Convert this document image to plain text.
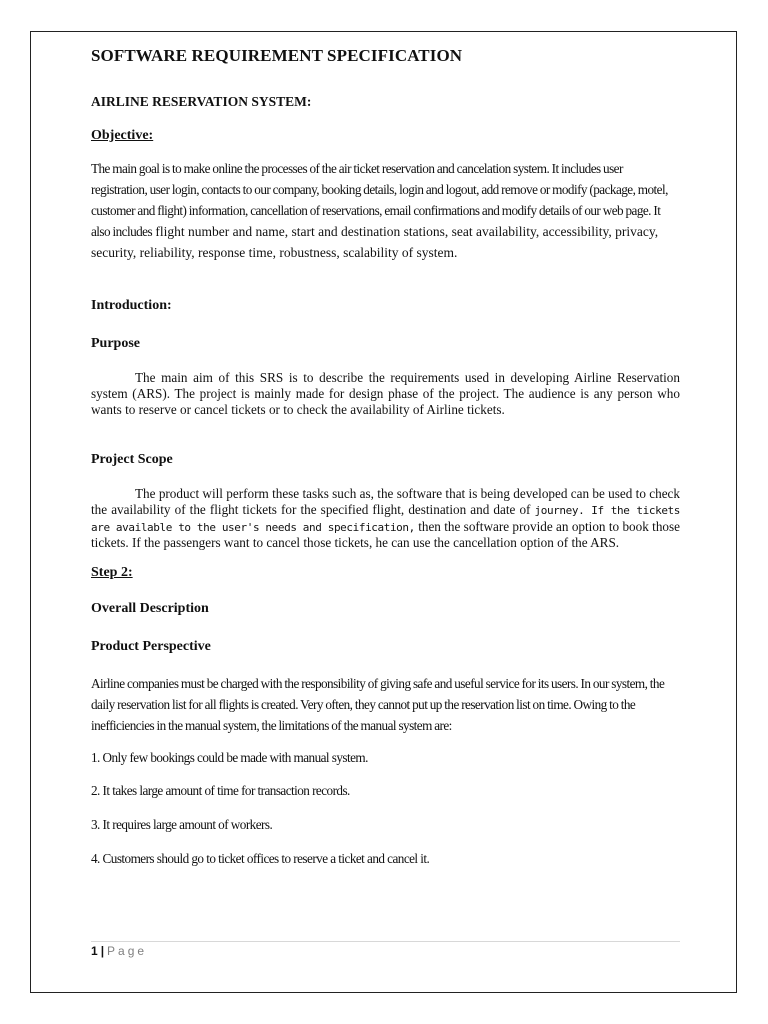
SOFTWARE REQUIREMENT SPECIFICATION
AIRLINE RESERVATION SYSTEM:
Objective:

The main goal is to make online the processes of the air ticket reservation and cancelation system. It includes user registration, user login, contacts to our company, booking details, login and logout, add remove or modify (package, motel, customer and flight) information, cancellation of reservations, email confirmations and modify details of our web page. It also includes flight number and name, start and destination stations, seat availability, accessibility, privacy, security, reliability, response time, robustness, scalability of system.

Introduction:
Purpose

The main aim of this SRS is to describe the requirements used in developing Airline Reservation system (ARS). The project is mainly made for design phase of the project. The audience is any person who wants to reserve or cancel tickets or to check the availability of Airline tickets.

Project Scope

The product will perform these tasks such as, the software that is being developed can be used to check the availability of the flight tickets for the specified flight, destination and date of journey. If the tickets are available to the user's needs and specification, then the software provide an option to book those tickets. If the passengers want to cancel those tickets, he can use the cancellation option of the ARS.

Step 2:
Overall Description
Product Perspective

Airline companies must be charged with the responsibility of giving safe and useful service for its users. In our system, the daily reservation list for all flights is created. Very often, they cannot put up the reservation list on time. Owing to the inefficiencies in the manual system, the limitations of the manual system are:

1. Only few bookings could be made with manual system.
2. It takes large amount of time for transaction records.
3. It requires large amount of workers.
4. Customers should go to ticket offices to reserve a ticket and cancel it.
1 | Page
